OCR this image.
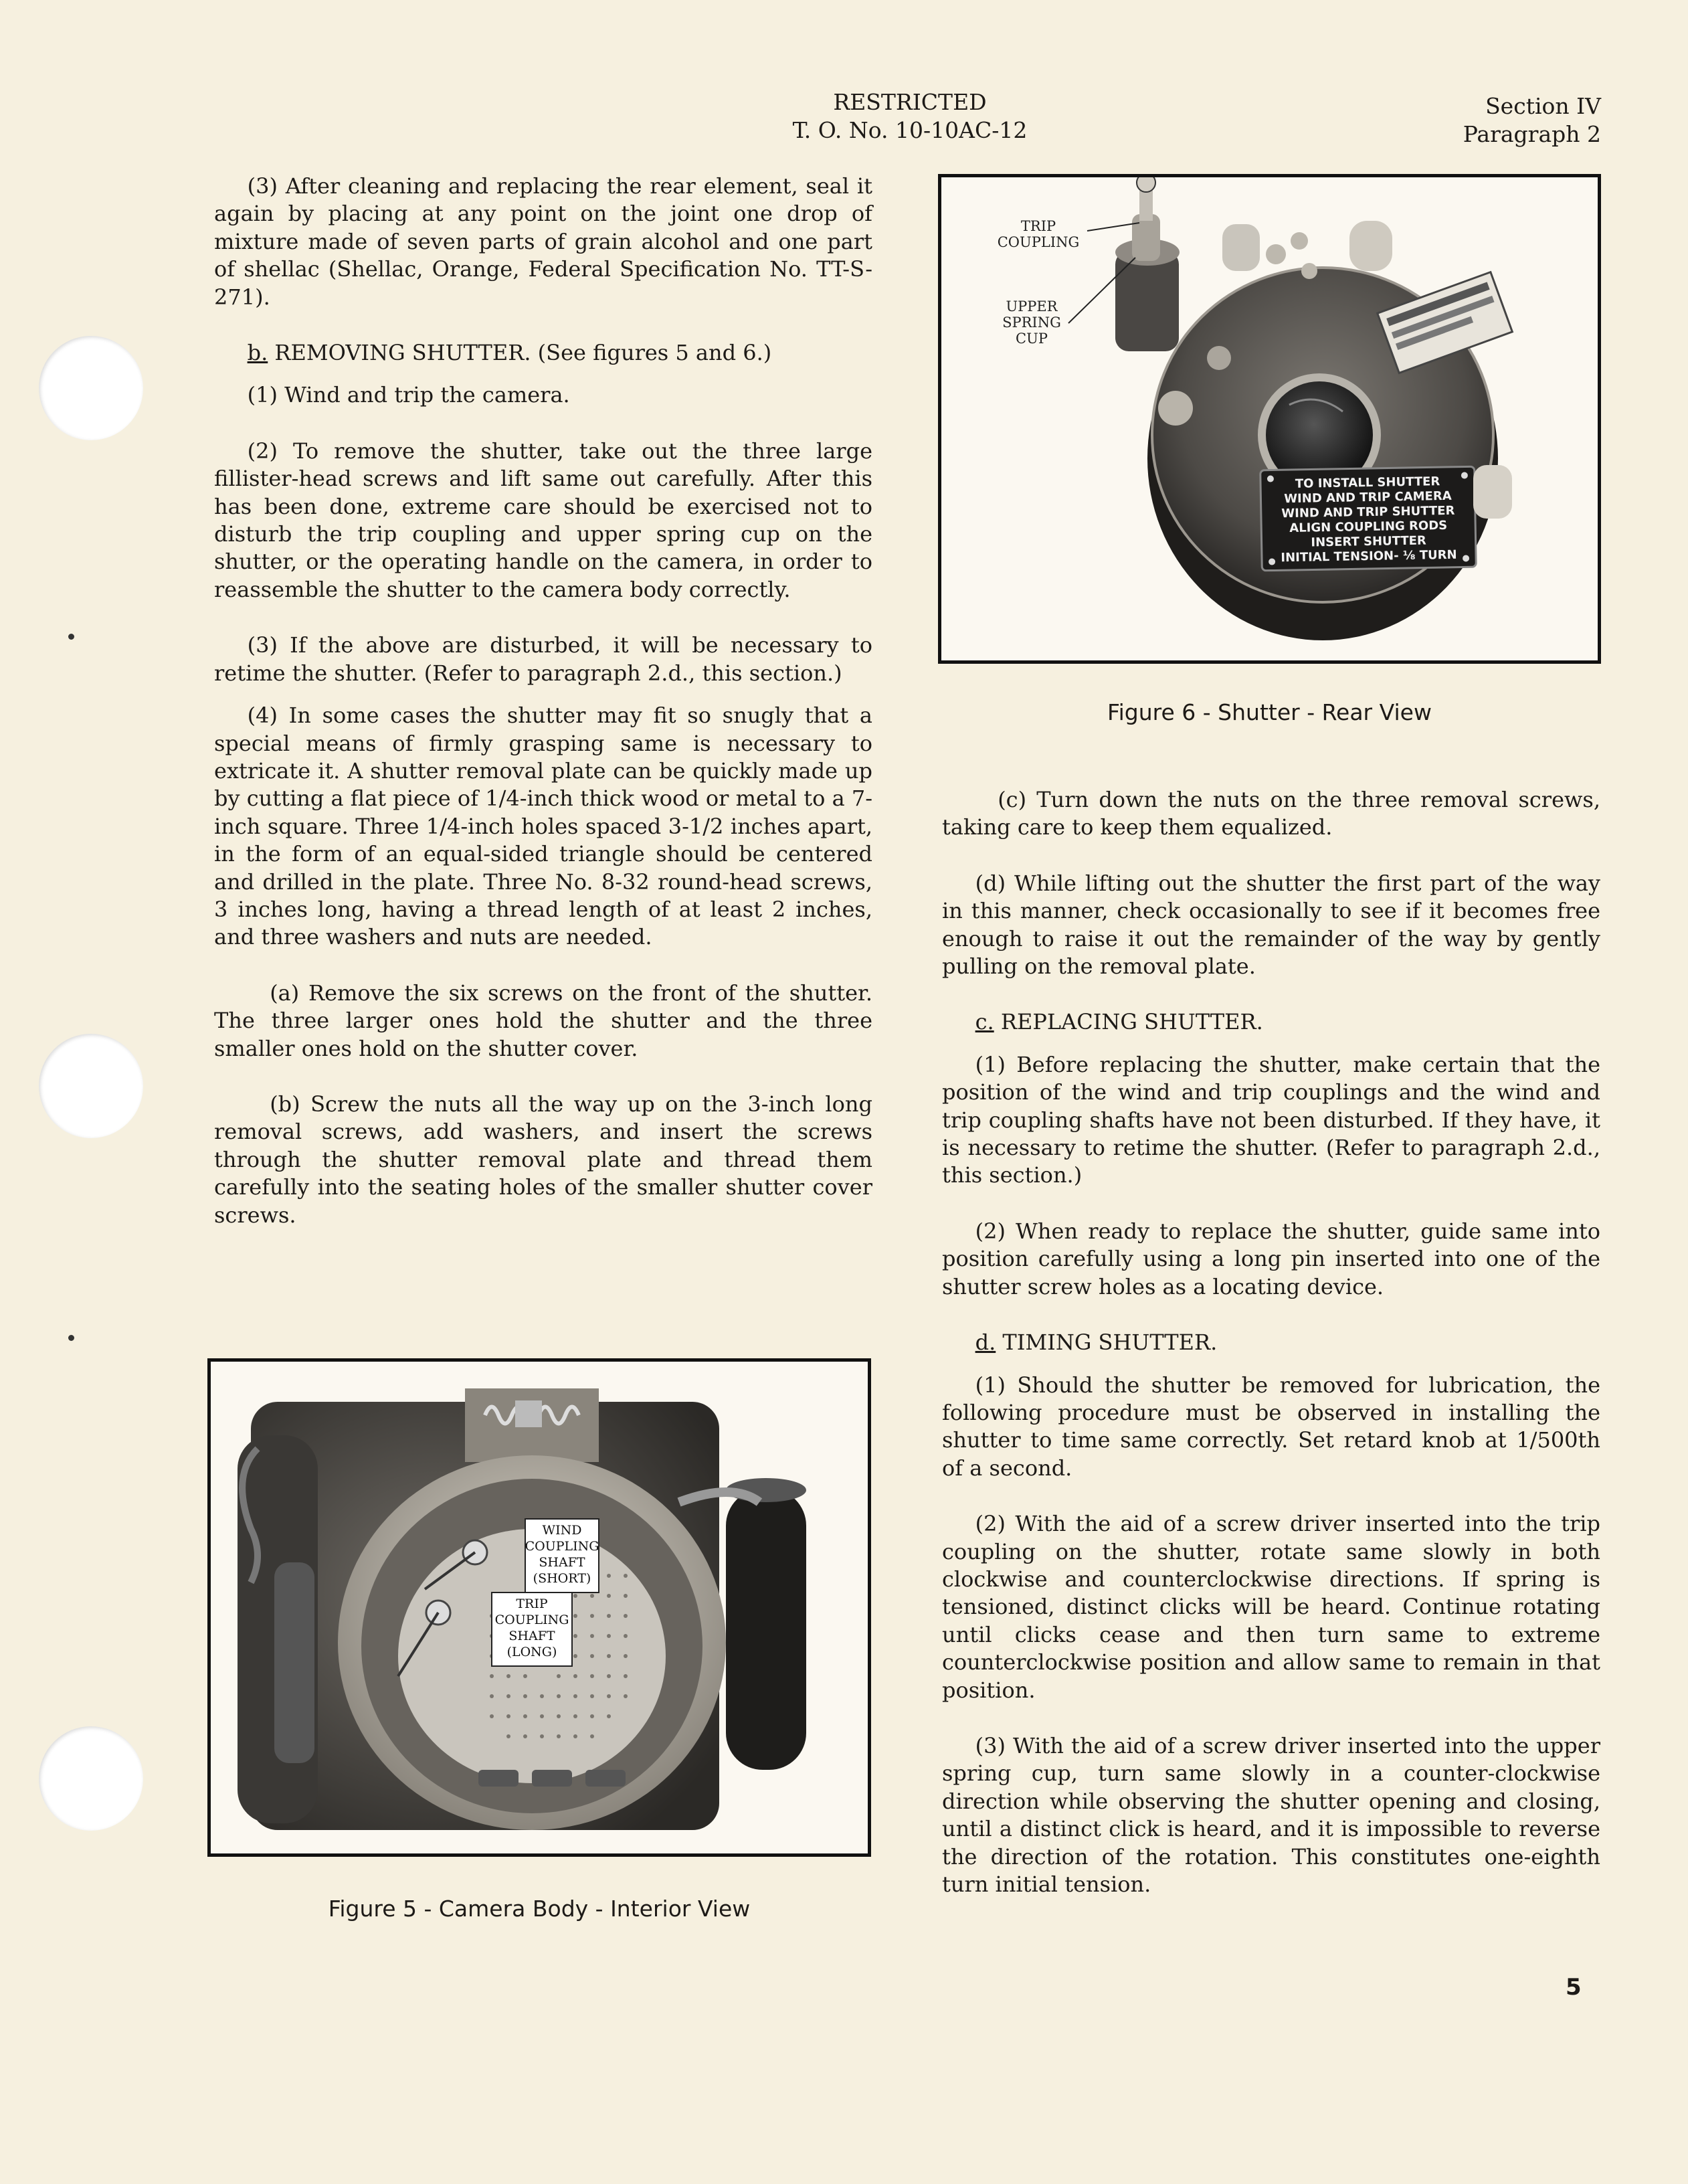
RESTRICTED
T. O. No. 10-10AC-12
Section IV
Paragraph 2

(3) After cleaning and replacing the rear element, seal it again by placing at any point on the joint one drop of mixture made of seven parts of grain alcohol and one part of shellac (Shellac, Orange, Federal Specification No. TT-S-271).

b. REMOVING SHUTTER. (See figures 5 and 6.)

(1) Wind and trip the camera.

(2) To remove the shutter, take out the three large fillister-head screws and lift same out carefully. After this has been done, extreme care should be exercised not to disturb the trip coupling and upper spring cup on the shutter, or the operating handle on the camera, in order to reassemble the shutter to the camera body correctly.

(3) If the above are disturbed, it will be necessary to retime the shutter. (Refer to paragraph 2.d., this section.)

(4) In some cases the shutter may fit so snugly that a special means of firmly grasping same is necessary to extricate it. A shutter removal plate can be quickly made up by cutting a flat piece of 1/4-inch thick wood or metal to a 7-inch square. Three 1/4-inch holes spaced 3-1/2 inches apart, in the form of an equal-sided triangle should be centered and drilled in the plate. Three No. 8-32 round-head screws, 3 inches long, having a thread length of at least 2 inches, and three washers and nuts are needed.

(a) Remove the six screws on the front of the shutter. The three larger ones hold the shutter and the three smaller ones hold on the shutter cover.

(b) Screw the nuts all the way up on the 3-inch long removal screws, add washers, and insert the screws through the shutter removal plate and thread them carefully into the seating holes of the smaller shutter cover screws.

TO INSTALL SHUTTER
WIND AND TRIP CAMERA
WIND AND TRIP SHUTTER
ALIGN COUPLING RODS
INSERT SHUTTER
INITIAL TENSION- ⅛ TURN
TRIP
COUPLING
UPPER
SPRING
CUP
Figure 6 - Shutter - Rear View

(c) Turn down the nuts on the three removal screws, taking care to keep them equalized.

(d) While lifting out the shutter the first part of the way in this manner, check occasionally to see if it becomes free enough to raise it out the remainder of the way by gently pulling on the removal plate.

c. REPLACING SHUTTER.

(1) Before replacing the shutter, make certain that the position of the wind and trip couplings and the wind and trip coupling shafts have not been disturbed. If they have, it is necessary to retime the shutter. (Refer to paragraph 2.d., this section.)

(2) When ready to replace the shutter, guide same into position carefully using a long pin inserted into one of the shutter screw holes as a locating device.

d. TIMING SHUTTER.

(1) Should the shutter be removed for lubrication, the following procedure must be observed in installing the shutter to time same correctly. Set retard knob at 1/500th of a second.

(2) With the aid of a screw driver inserted into the trip coupling on the shutter, rotate same slowly in both clockwise and counterclockwise directions. If spring is tensioned, distinct clicks will be heard. Continue rotating until clicks cease and then turn same to extreme counterclockwise position and allow same to remain in that position.

(3) With the aid of a screw driver inserted into the upper spring cup, turn same slowly in a counter-clockwise direction while observing the shutter opening and closing, until a distinct click is heard, and it is impossible to reverse the direction of the rotation. This constitutes one-eighth turn initial tension.

WIND
COUPLING
SHAFT
(SHORT)
TRIP
COUPLING
SHAFT
(LONG)
Figure 5 - Camera Body - Interior View
5
